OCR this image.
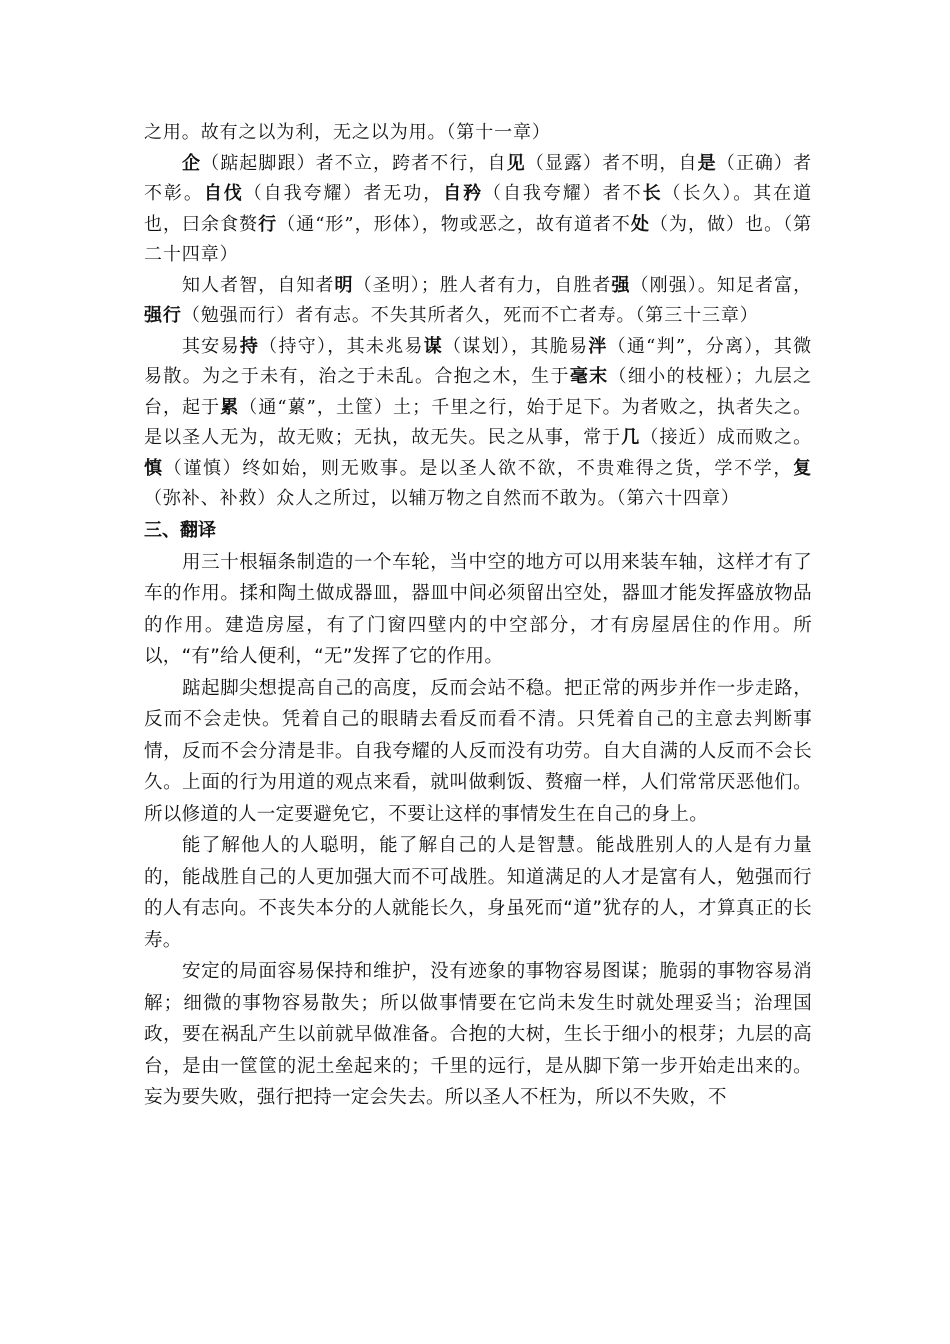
之用。故有之以为利，无之以为用。（第十一章）

企（踮起脚跟）者不立，跨者不行，自见（显露）者不明，自是（正确）者不彰。自伐（自我夸耀）者无功，自矜（自我夸耀）者不长（长久）。其在道也，曰余食赘行（通“形”，形体），物或恶之，故有道者不处（为，做）也。（第二十四章）

知人者智，自知者明（圣明）；胜人者有力，自胜者强（刚强）。知足者富，强行（勉强而行）者有志。不失其所者久，死而不亡者寿。（第三十三章）

其安易持（持守），其未兆易谋（谋划），其脆易泮（通“判”，分离），其微易散。为之于未有，治之于未乱。合抱之木，生于毫末（细小的枝桠）；九层之台，起于累（通“蔂”，土筐）土；千里之行，始于足下。为者败之，执者失之。是以圣人无为，故无败；无执，故无失。民之从事，常于几（接近）成而败之。慎（谨慎）终如始，则无败事。是以圣人欲不欲，不贵难得之货，学不学，复（弥补、补救）众人之所过，以辅万物之自然而不敢为。（第六十四章）

三、翻译

用三十根辐条制造的一个车轮，当中空的地方可以用来装车轴，这样才有了车的作用。揉和陶土做成器皿，器皿中间必须留出空处，器皿才能发挥盛放物品的作用。建造房屋，有了门窗四壁内的中空部分，才有房屋居住的作用。所以，“有”给人便利，“无”发挥了它的作用。

踮起脚尖想提高自己的高度，反而会站不稳。把正常的两步并作一步走路，反而不会走快。凭着自己的眼睛去看反而看不清。只凭着自己的主意去判断事情，反而不会分清是非。自我夸耀的人反而没有功劳。自大自满的人反而不会长久。上面的行为用道的观点来看，就叫做剩饭、赘瘤一样，人们常常厌恶他们。所以修道的人一定要避免它，不要让这样的事情发生在自己的身上。

能了解他人的人聪明，能了解自己的人是智慧。能战胜别人的人是有力量的，能战胜自己的人更加强大而不可战胜。知道满足的人才是富有人，勉强而行的人有志向。不丧失本分的人就能长久，身虽死而“道”犹存的人，才算真正的长寿。

安定的局面容易保持和维护，没有迹象的事物容易图谋；脆弱的事物容易消解；细微的事物容易散失；所以做事情要在它尚未发生时就处理妥当；治理国政，要在祸乱产生以前就早做准备。合抱的大树，生长于细小的根芽；九层的高台，是由一筐筐的泥土垒起来的；千里的远行，是从脚下第一步开始走出来的。妄为要失败，强行把持一定会失去。所以圣人不枉为，所以不失败，不
